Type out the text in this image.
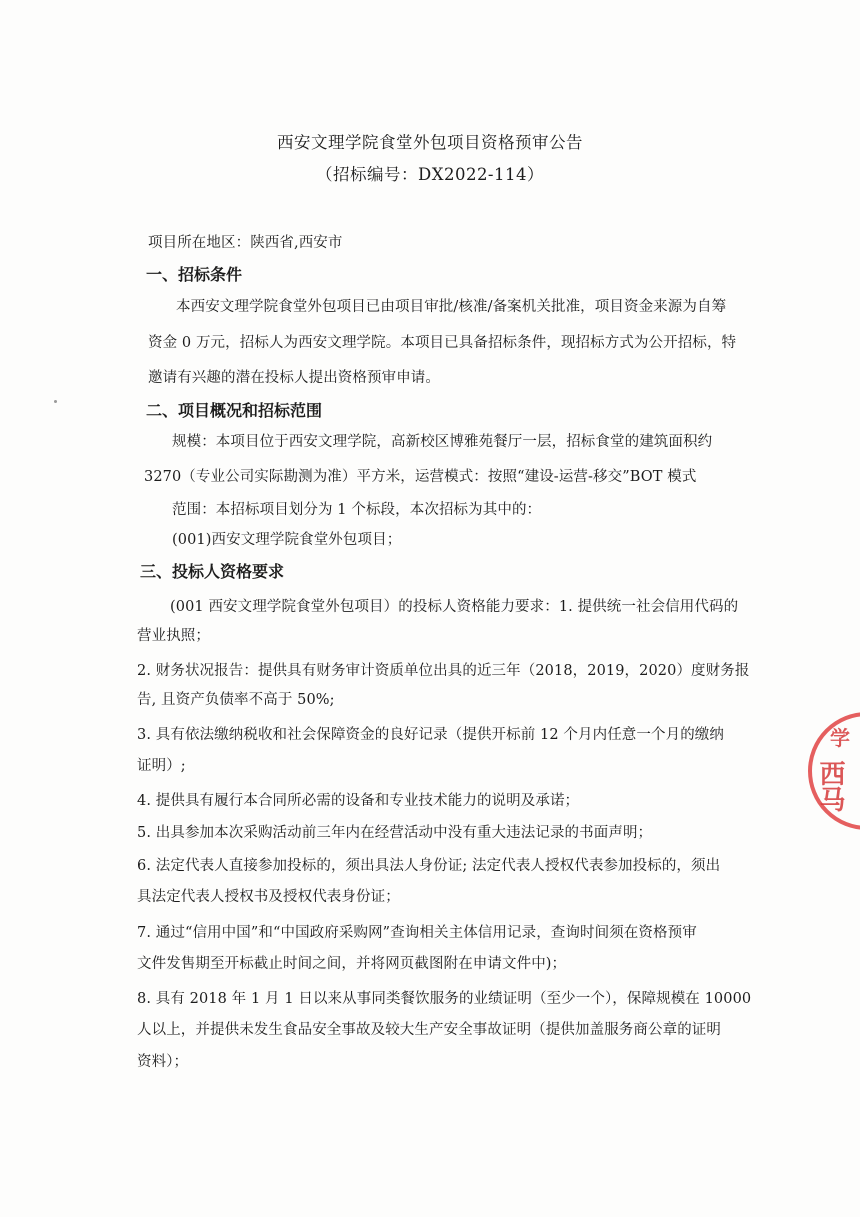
西安文理学院食堂外包项目资格预审公告
（招标编号：DX2022-114）
项目所在地区：陕西省,西安市
一、招标条件
本西安文理学院食堂外包项目已由项目审批/核准/备案机关批准，项目资金来源为自筹
资金 0 万元，招标人为西安文理学院。本项目已具备招标条件，现招标方式为公开招标，特
邀请有兴趣的潜在投标人提出资格预审申请。
二、项目概况和招标范围
规模：本项目位于西安文理学院，高新校区博雅苑餐厅一层，招标食堂的建筑面积约
3270（专业公司实际勘测为准）平方米，运营模式：按照“建设-运营-移交”BOT 模式
范围：本招标项目划分为 1 个标段，本次招标为其中的：
(001)西安文理学院食堂外包项目；
三、投标人资格要求
(001 西安文理学院食堂外包项目）的投标人资格能力要求：1. 提供统一社会信用代码的
营业执照；
2. 财务状况报告：提供具有财务审计资质单位出具的近三年（2018，2019，2020）度财务报
告, 且资产负债率不高于 50%;
3. 具有依法缴纳税收和社会保障资金的良好记录（提供开标前 12 个月内任意一个月的缴纳
证明）;
4. 提供具有履行本合同所必需的设备和专业技术能力的说明及承诺；
5. 出具参加本次采购活动前三年内在经营活动中没有重大违法记录的书面声明；
6. 法定代表人直接参加投标的，须出具法人身份证; 法定代表人授权代表参加投标的，须出
具法定代表人授权书及授权代表身份证；
7. 通过“信用中国”和“中国政府采购网”查询相关主体信用记录，查询时间须在资格预审
文件发售期至开标截止时间之间，并将网页截图附在申请文件中)；
8. 具有 2018 年 1 月 1 日以来从事同类餐饮服务的业绩证明（至少一个），保障规模在 10000
人以上，并提供未发生食品安全事故及较大生产安全事故证明（提供加盖服务商公章的证明
资料）；
学
西马
